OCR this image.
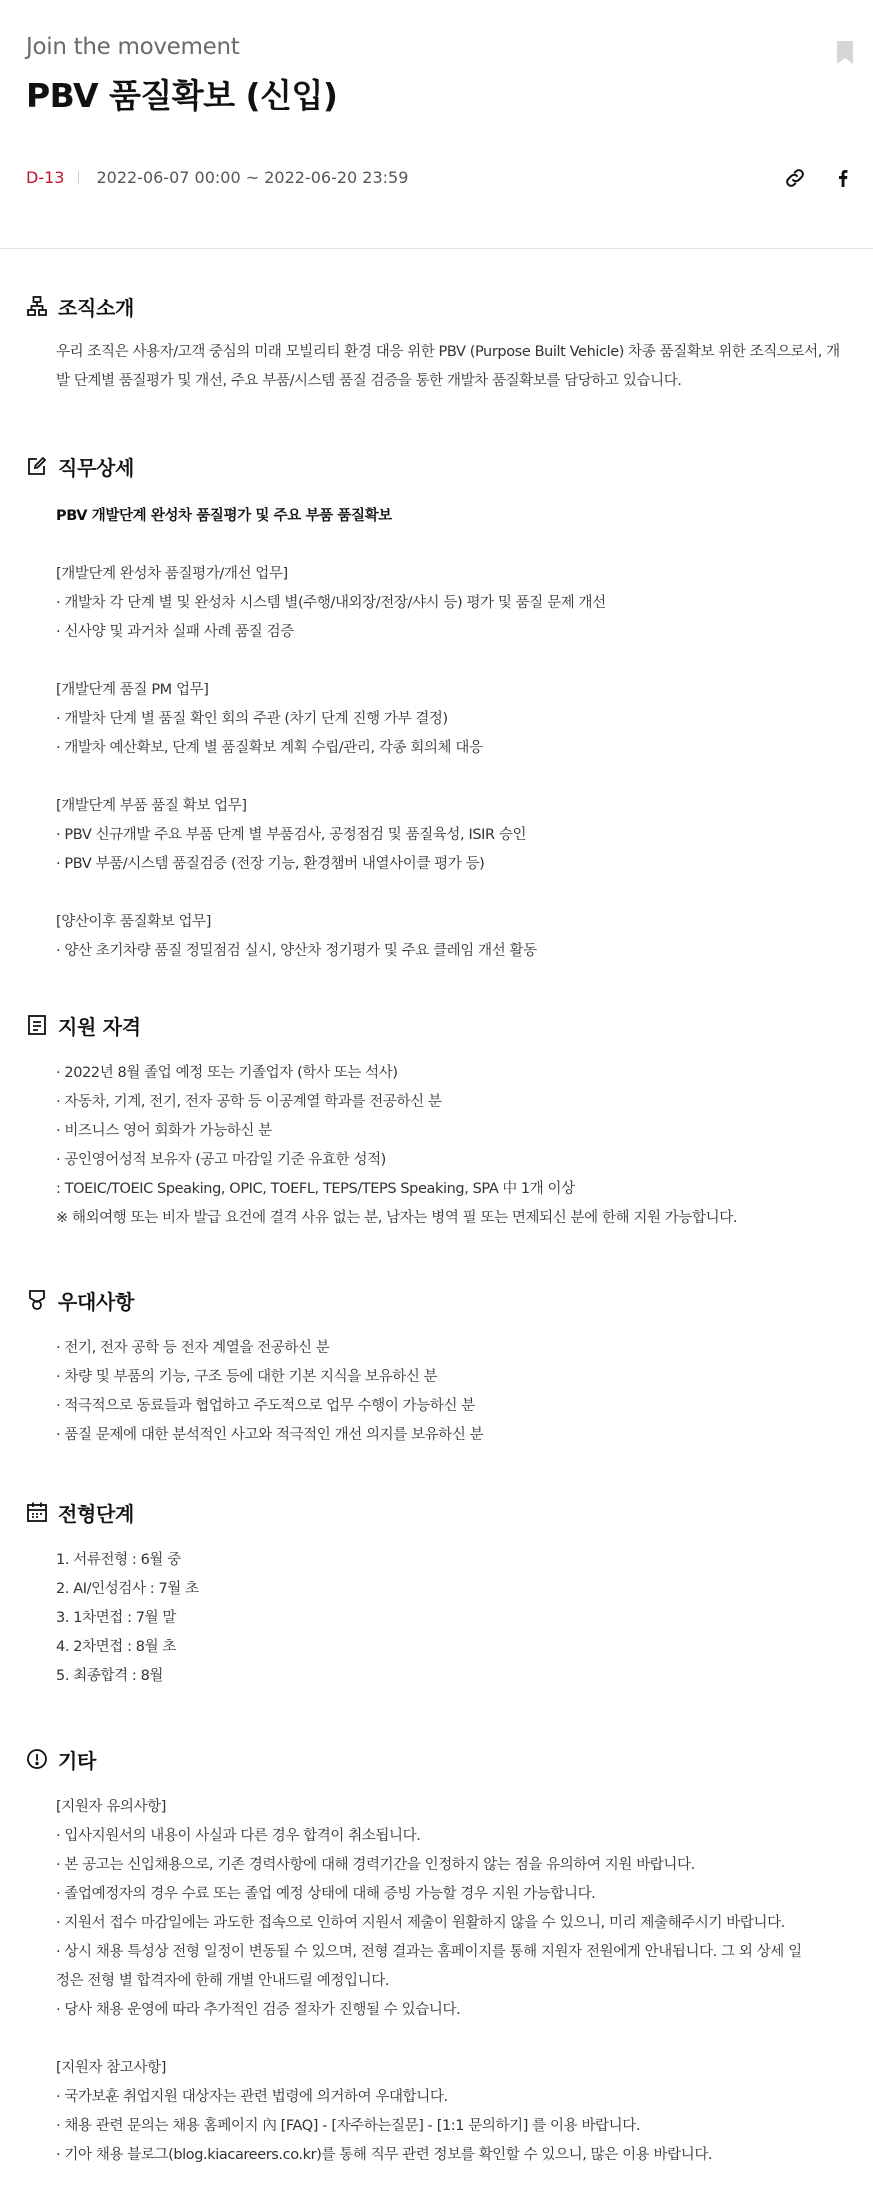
Join the movement
PBV 품질확보 (신입)
D-13 2022-06-07 00:00 ~ 2022-06-20 23:59
조직소개
우리 조직은 사용자/고객 중심의 미래 모빌리티 환경 대응 위한 PBV (Purpose Built Vehicle) 차종 품질확보 위한 조직으로서, 개발 단계별 품질평가 및 개선, 주요 부품/시스템 품질 검증을 통한 개발차 품질확보를 담당하고 있습니다.
직무상세
PBV 개발단계 완성차 품질평가 및 주요 부품 품질확보
[개발단계 완성차 품질평가/개선 업무]
· 개발차 각 단계 별 및 완성차 시스템 별(주행/내외장/전장/샤시 등) 평가 및 품질 문제 개선
· 신사양 및 과거차 실패 사례 품질 검증
[개발단계 품질 PM 업무]
· 개발차 단계 별 품질 확인 회의 주관 (차기 단계 진행 가부 결정)
· 개발차 예산확보, 단계 별 품질확보 계획 수립/관리, 각종 회의체 대응
[개발단계 부품 품질 확보 업무]
· PBV 신규개발 주요 부품 단계 별 부품검사, 공정점검 및 품질육성, ISIR 승인
· PBV 부품/시스템 품질검증 (전장 기능, 환경챔버 내열사이클 평가 등)
[양산이후 품질확보 업무]
· 양산 초기차량 품질 정밀점검 실시, 양산차 정기평가 및 주요 클레임 개선 활동
지원 자격
· 2022년 8월 졸업 예정 또는 기졸업자 (학사 또는 석사)
· 자동차, 기계, 전기, 전자 공학 등 이공계열 학과를 전공하신 분
· 비즈니스 영어 회화가 가능하신 분
· 공인영어성적 보유자 (공고 마감일 기준 유효한 성적)
: TOEIC/TOEIC Speaking, OPIC, TOEFL, TEPS/TEPS Speaking, SPA 中 1개 이상
※ 해외여행 또는 비자 발급 요건에 결격 사유 없는 분, 남자는 병역 필 또는 면제되신 분에 한해 지원 가능합니다.
우대사항
· 전기, 전자 공학 등 전자 계열을 전공하신 분
· 차량 및 부품의 기능, 구조 등에 대한 기본 지식을 보유하신 분
· 적극적으로 동료들과 협업하고 주도적으로 업무 수행이 가능하신 분
· 품질 문제에 대한 분석적인 사고와 적극적인 개선 의지를 보유하신 분
전형단계
1. 서류전형 : 6월 중
2. AI/인성검사 : 7월 초
3. 1차면접 : 7월 말
4. 2차면접 : 8월 초
5. 최종합격 : 8월
기타
[지원자 유의사항]
· 입사지원서의 내용이 사실과 다른 경우 합격이 취소됩니다.
· 본 공고는 신입채용으로, 기존 경력사항에 대해 경력기간을 인정하지 않는 점을 유의하여 지원 바랍니다.
· 졸업예정자의 경우 수료 또는 졸업 예정 상태에 대해 증빙 가능할 경우 지원 가능합니다.
· 지원서 접수 마감일에는 과도한 접속으로 인하여 지원서 제출이 원활하지 않을 수 있으니, 미리 제출해주시기 바랍니다.
· 상시 채용 특성상 전형 일정이 변동될 수 있으며, 전형 결과는 홈페이지를 통해 지원자 전원에게 안내됩니다. 그 외 상세 일
정은 전형 별 합격자에 한해 개별 안내드릴 예정입니다.
· 당사 채용 운영에 따라 추가적인 검증 절차가 진행될 수 있습니다.
[지원자 참고사항]
· 국가보훈 취업지원 대상자는 관련 법령에 의거하여 우대합니다.
· 채용 관련 문의는 채용 홈페이지 內 [FAQ] - [자주하는질문] - [1:1 문의하기] 를 이용 바랍니다.
· 기아 채용 블로그(blog.kiacareers.co.kr)를 통해 직무 관련 정보를 확인할 수 있으니, 많은 이용 바랍니다.
